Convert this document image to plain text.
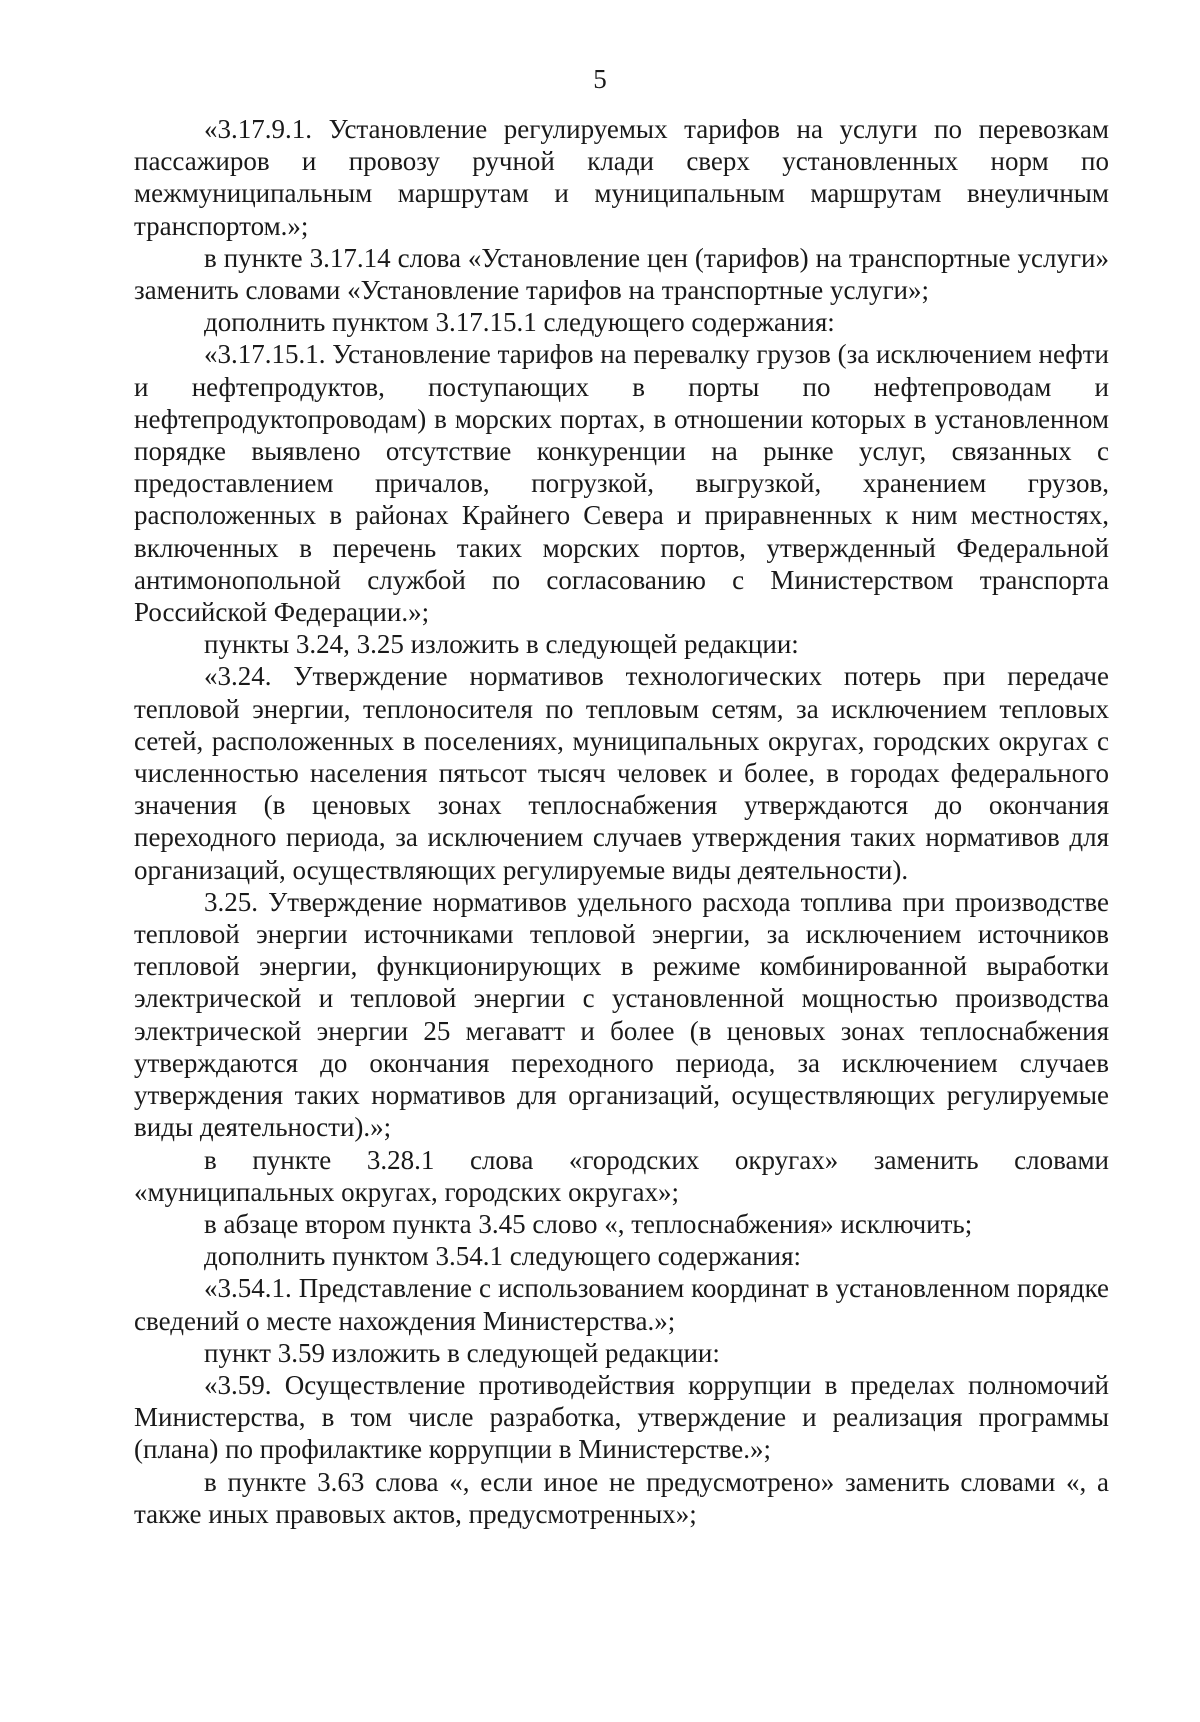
5

«3.17.9.1. Установление регулируемых тарифов на услуги по перевозкам пассажиров и провозу ручной клади сверх установленных норм по межмуниципальным маршрутам и муниципальным маршрутам внеуличным транспортом.»;

в пункте 3.17.14 слова «Установление цен (тарифов) на транспортные услуги» заменить словами «Установление тарифов на транспортные услуги»;

дополнить пунктом 3.17.15.1 следующего содержания:

«3.17.15.1. Установление тарифов на перевалку грузов (за исключением нефти и нефтепродуктов, поступающих в порты по нефтепроводам и нефтепродуктопроводам) в морских портах, в отношении которых в установленном порядке выявлено отсутствие конкуренции на рынке услуг, связанных с предоставлением причалов, погрузкой, выгрузкой, хранением грузов, расположенных в районах Крайнего Севера и приравненных к ним местностях, включенных в перечень таких морских портов, утвержденный Федеральной антимонопольной службой по согласованию с Министерством транспорта Российской Федерации.»;

пункты 3.24, 3.25 изложить в следующей редакции:

«3.24. Утверждение нормативов технологических потерь при передаче тепловой энергии, теплоносителя по тепловым сетям, за исключением тепловых сетей, расположенных в поселениях, муниципальных округах, городских округах с численностью населения пятьсот тысяч человек и более, в городах федерального значения (в ценовых зонах теплоснабжения утверждаются до окончания переходного периода, за исключением случаев утверждения таких нормативов для организаций, осуществляющих регулируемые виды деятельности).

3.25. Утверждение нормативов удельного расхода топлива при производстве тепловой энергии источниками тепловой энергии, за исключением источников тепловой энергии, функционирующих в режиме комбинированной выработки электрической и тепловой энергии с установленной мощностью производства электрической энергии 25 мегаватт и более (в ценовых зонах теплоснабжения утверждаются до окончания переходного периода, за исключением случаев утверждения таких нормативов для организаций, осуществляющих регулируемые виды деятельности).»;

в пункте 3.28.1 слова «городских округах» заменить словами «муниципальных округах, городских округах»;

в абзаце втором пункта 3.45 слово «, теплоснабжения» исключить;

дополнить пунктом 3.54.1 следующего содержания:

«3.54.1. Представление с использованием координат в установленном порядке сведений о месте нахождения Министерства.»;

пункт 3.59 изложить в следующей редакции:

«3.59. Осуществление противодействия коррупции в пределах полномочий Министерства, в том числе разработка, утверждение и реализация программы (плана) по профилактике коррупции в Министерстве.»;

в пункте 3.63 слова «, если иное не предусмотрено» заменить словами «, а также иных правовых актов, предусмотренных»;
